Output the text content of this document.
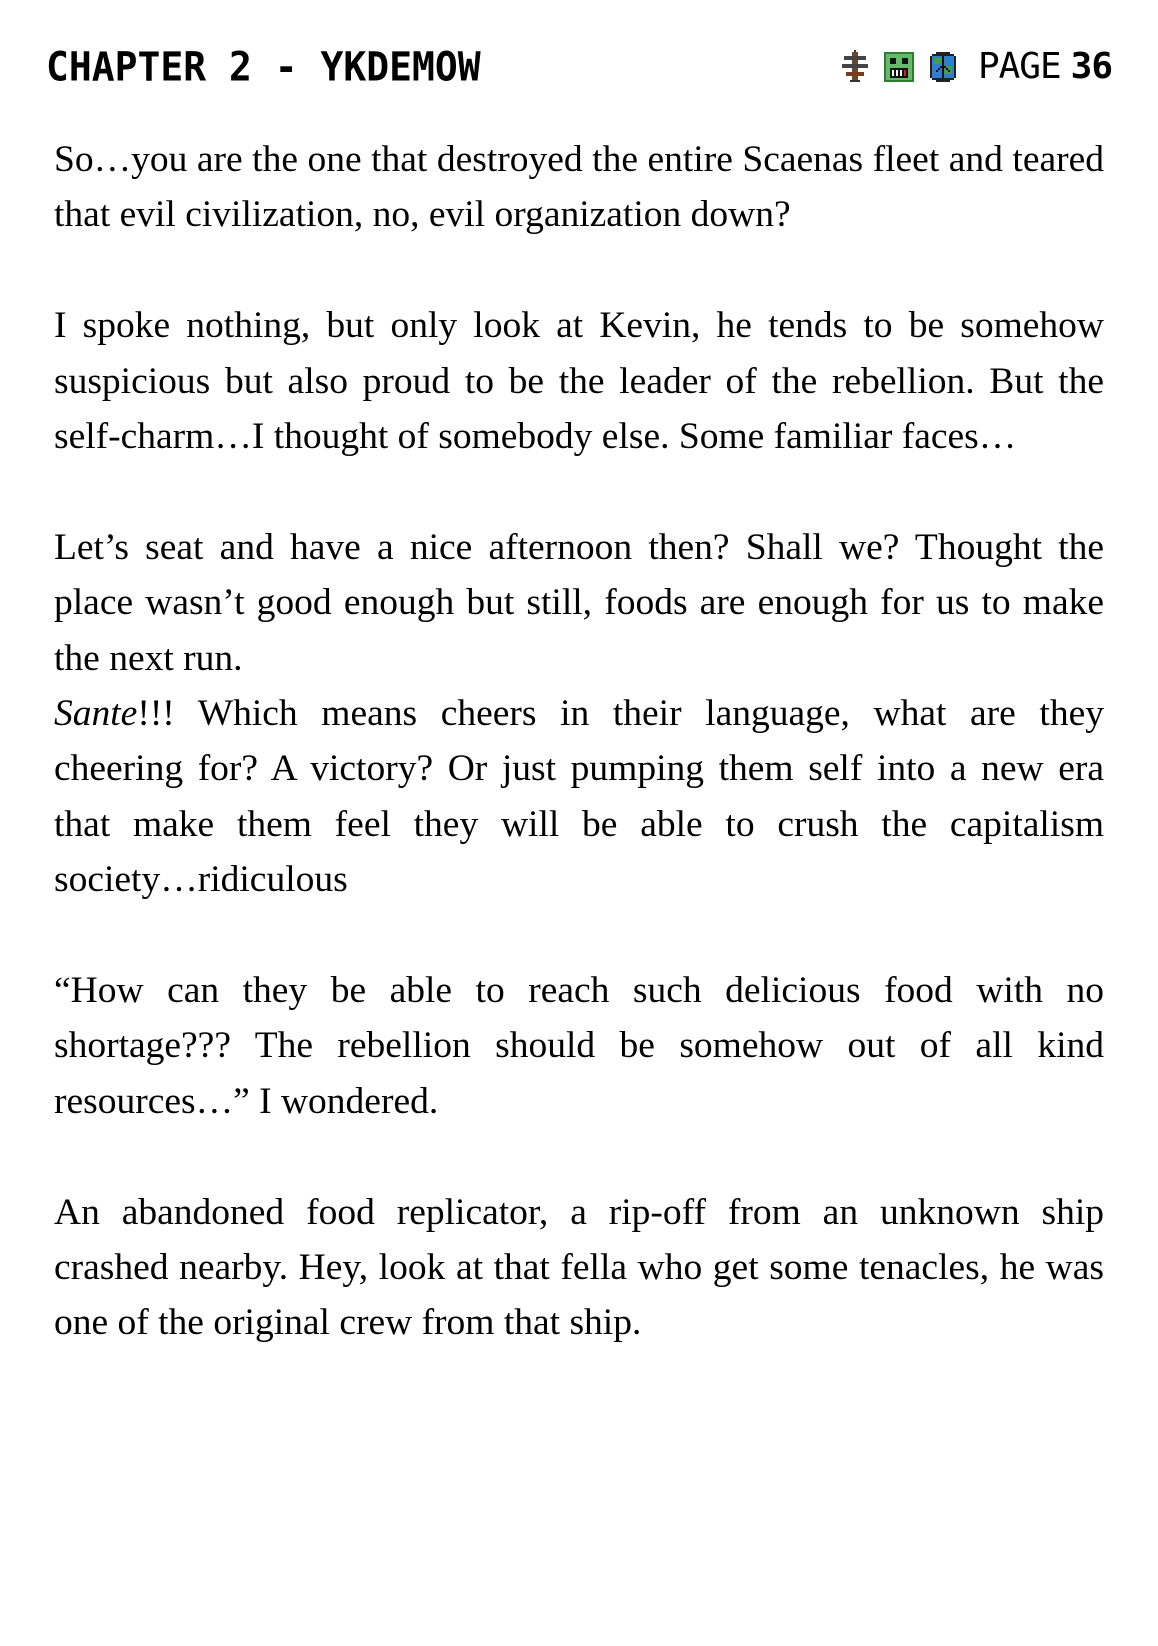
CHAPTER 2 - YKDEMOW	PAGE 36

So…you are the one that destroyed the entire Scaenas fleet and teared that evil civilization, no, evil organization down?

I spoke nothing, but only look at Kevin, he tends to be somehow suspicious but also proud to be the leader of the rebellion. But the self-charm…I thought of somebody else. Some familiar faces…

Let’s seat and have a nice afternoon then? Shall we? Thought the place wasn’t good enough but still, foods are enough for us to make the next run.

Sante!!! Which means cheers in their language, what are they cheering for? A victory? Or just pumping them self into a new era that make them feel they will be able to crush the capitalism society…ridiculous

“How can they be able to reach such delicious food with no shortage??? The rebellion should be somehow out of all kind resources…” I wondered.

An abandoned food replicator, a rip-off from an unknown ship crashed nearby. Hey, look at that fella who get some tenacles, he was one of the original crew from that ship.
